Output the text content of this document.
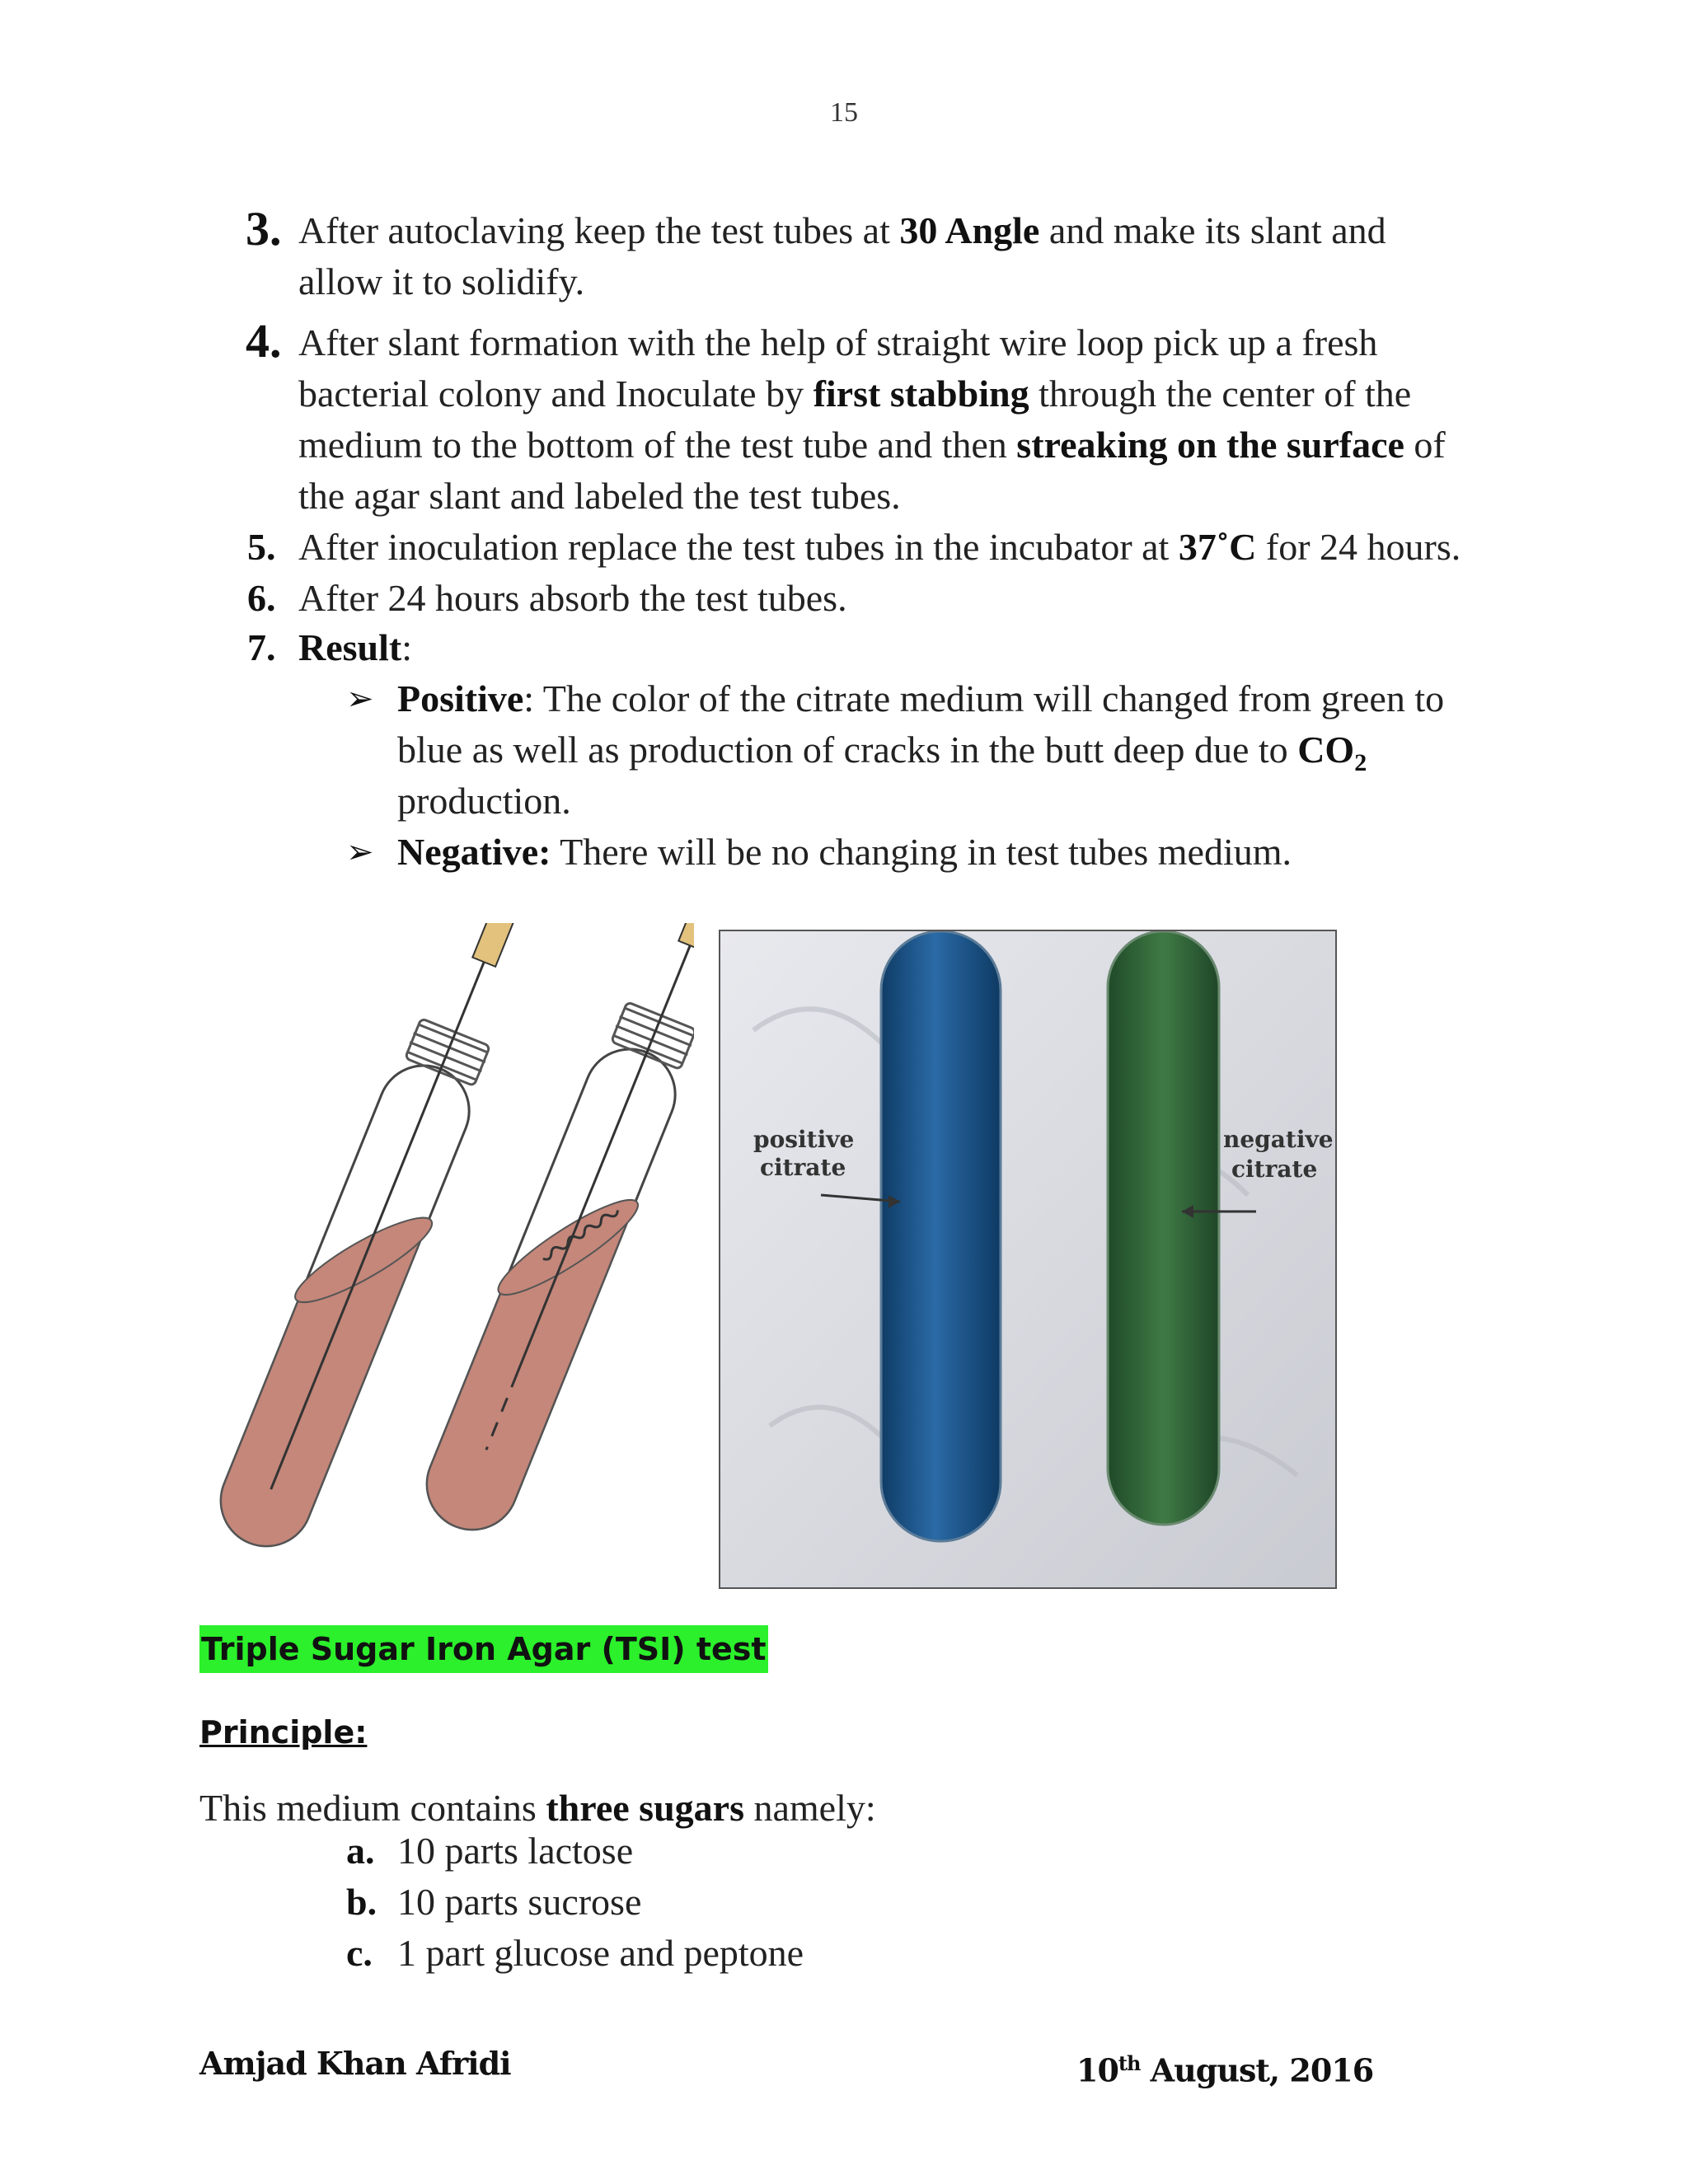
15
3. After autoclaving keep the test tubes at 30 Angle and make its slant and
allow it to solidify.
4. After slant formation with the help of straight wire loop pick up a fresh
bacterial colony and Inoculate by first stabbing through the center of the
medium to the bottom of the test tube and then streaking on the surface of
the agar slant and labeled the test tubes.
5. After inoculation replace the test tubes in the incubator at 37˚C for 24 hours.
6. After 24 hours absorb the test tubes.
7. Result:
➢ Positive: The color of the citrate medium will changed from green to
blue as well as production of cracks in the butt deep due to $CO_2$
production.
➢ Negative: There will be no changing in test tubes medium.
positive
citrate
negative
citrate
Triple Sugar Iron Agar (TSI) test
Principle:
This medium contains three sugars namely:
a. 10 parts lactose
b. 10 parts sucrose
c. 1 part glucose and peptone
Amjad Khan Afridi	10th August, 2016
